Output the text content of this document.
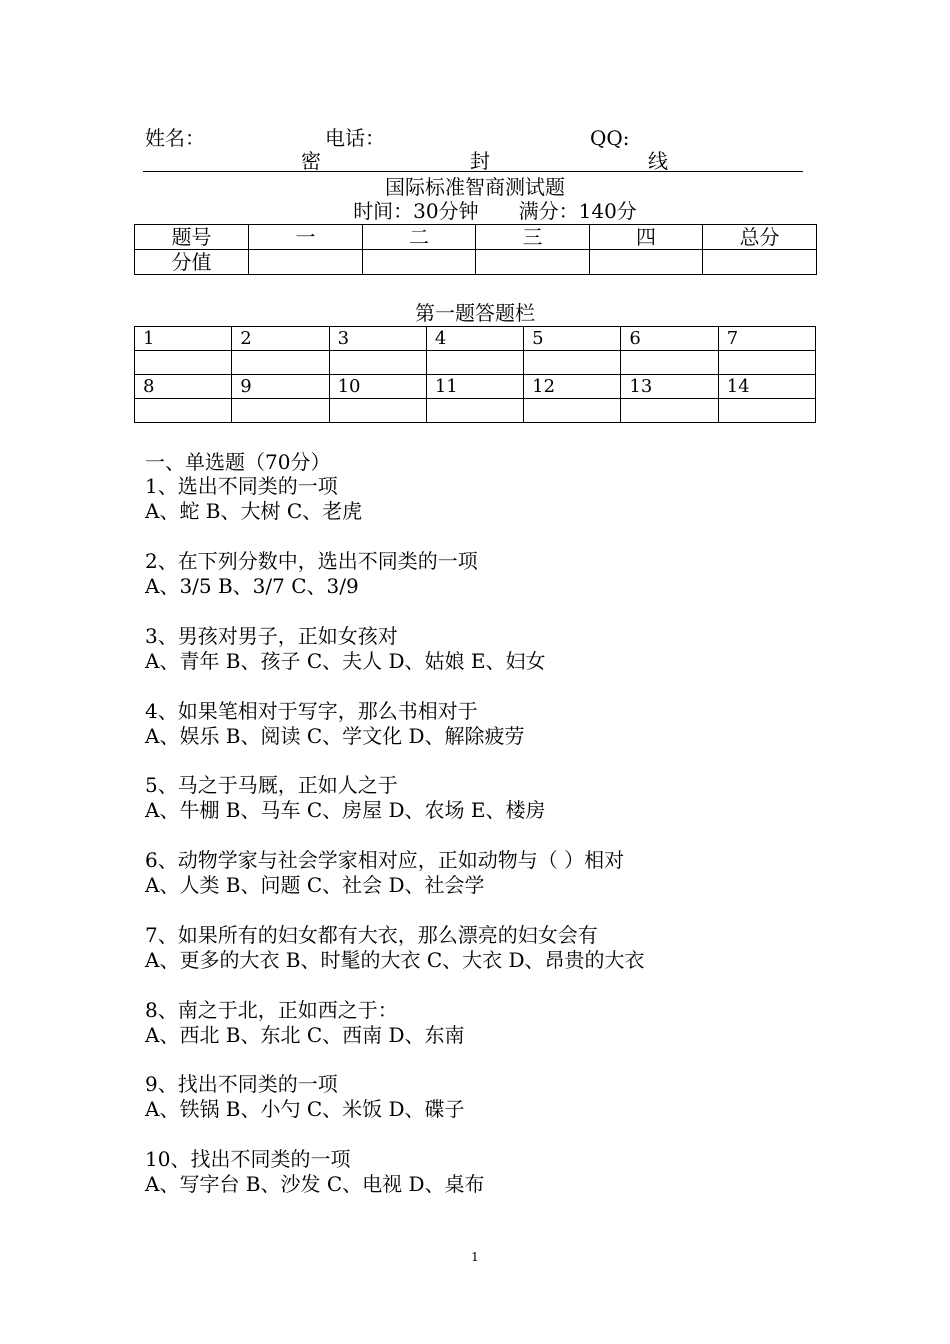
姓名：	电话：	QQ:
密	封	线
国际标准智商测试题
时间：30分钟　　满分：140分
题号	一	二	三	四	总分
分值					
第一题答题栏
1	2	3	4	5	6	7

8	9	10	11	12	13	14

一、单选题（70分）
1、选出不同类的一项
A、蛇 B、大树 C、老虎
2、在下列分数中，选出不同类的一项
A、3/5 B、3/7 C、3/9
3、男孩对男子，正如女孩对
A、青年 B、孩子 C、夫人 D、姑娘 E、妇女
4、如果笔相对于写字，那么书相对于
A、娱乐 B、阅读 C、学文化 D、解除疲劳
5、马之于马厩，正如人之于
A、牛棚 B、马车 C、房屋 D、农场 E、楼房
6、动物学家与社会学家相对应，正如动物与（ ）相对
A、人类 B、问题 C、社会 D、社会学
7、如果所有的妇女都有大衣，那么漂亮的妇女会有
A、更多的大衣 B、时髦的大衣 C、大衣 D、昂贵的大衣
8、南之于北，正如西之于：
A、西北 B、东北 C、西南 D、东南
9、找出不同类的一项
A、铁锅 B、小勺 C、米饭 D、碟子
10、找出不同类的一项
A、写字台 B、沙发 C、电视 D、桌布
1
